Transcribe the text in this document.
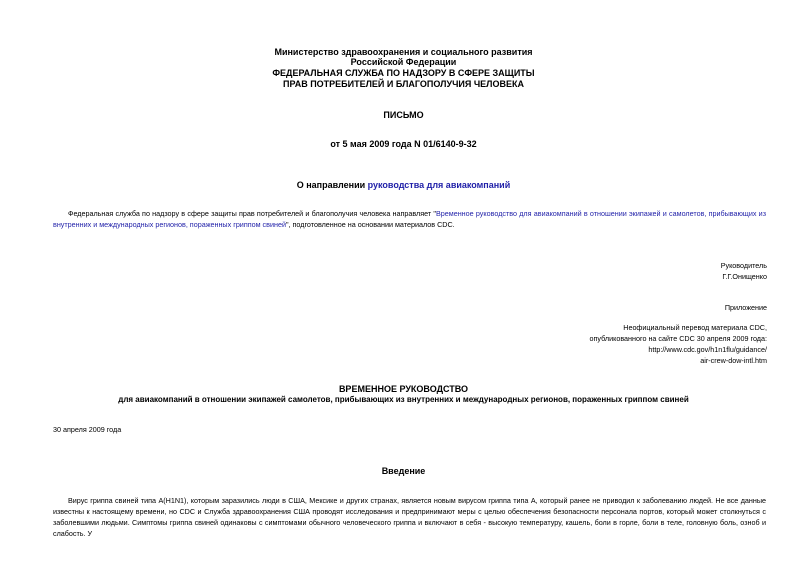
Министерство здравоохранения и социального развития
Российской Федерации
ФЕДЕРАЛЬНАЯ СЛУЖБА ПО НАДЗОРУ В СФЕРЕ ЗАЩИТЫ
ПРАВ ПОТРЕБИТЕЛЕЙ И БЛАГОПОЛУЧИЯ ЧЕЛОВЕКА
ПИСЬМО
от 5 мая 2009 года N 01/6140-9-32
О направлении руководства для авиакомпаний
Федеральная служба по надзору в сфере защиты прав потребителей и благополучия человека направляет "Временное руководство для авиакомпаний в отношении экипажей и самолетов, прибывающих из внутренних и международных регионов, пораженных гриппом свиней", подготовленное на основании материалов CDC.
Руководитель
Г.Г.Онищенко
Приложение
Неофициальный перевод материала CDC,
опубликованного на сайте CDC 30 апреля 2009 года:
http://www.cdc.gov/h1n1flu/guidance/
air-crew-dow-intl.htm
ВРЕМЕННОЕ РУКОВОДСТВО
для авиакомпаний в отношении экипажей самолетов, прибывающих из внутренних и международных регионов, пораженных гриппом свиней
30 апреля 2009 года
Введение
Вирус гриппа свиней типа A(H1N1), которым заразились люди в США, Мексике и других странах, является новым вирусом гриппа типа A, который ранее не приводил к заболеванию людей. Не все данные известны к настоящему времени, но CDC и Служба здравоохранения США проводят исследования и предпринимают меры с целью обеспечения безопасности персонала портов, который может столкнуться с заболевшими людьми. Симптомы гриппа свиней одинаковы с симптомами обычного человеческого гриппа и включают в себя - высокую температуру, кашель, боли в горле, боли в теле, головную боль, озноб и слабость. У
